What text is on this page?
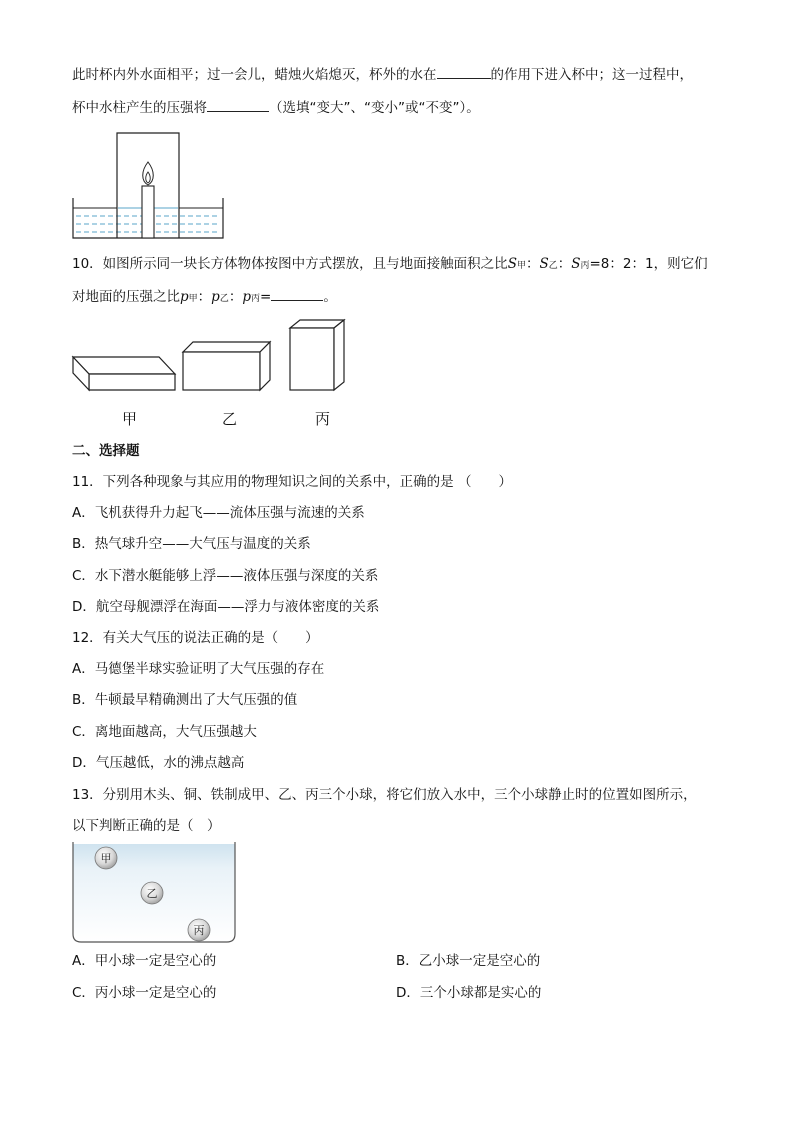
此时杯内外水面相平；过一会儿，蜡烛火焰熄灭，杯外的水在	的作用下进入杯中；这一过程中，
杯中水柱产生的压强将	（选填“变大”、“变小”或“不变”）。
10．如图所示同一块长方体物体按图中方式摆放，且与地面接触面积之比S甲：S乙：S丙=8：2：1，则它们
对地面的压强之比p甲：p乙：p丙=	。
甲	乙	丙
二、选择题
11．下列各种现象与其应用的物理知识之间的关系中，正确的是 （　　）
A．飞机获得升力起飞——流体压强与流速的关系
B．热气球升空——大气压与温度的关系
C．水下潜水艇能够上浮——液体压强与深度的关系
D．航空母舰漂浮在海面——浮力与液体密度的关系
12．有关大气压的说法正确的是（　　）
A．马德堡半球实验证明了大气压强的存在
B．牛顿最早精确测出了大气压强的值
C．离地面越高，大气压强越大
D．气压越低，水的沸点越高
13．分别用木头、铜、铁制成甲、乙、丙三个小球，将它们放入水中，三个小球静止时的位置如图所示，
以下判断正确的是（　）
甲
乙
丙
A．甲小球一定是空心的	B．乙小球一定是空心的
C．丙小球一定是空心的	D．三个小球都是实心的
